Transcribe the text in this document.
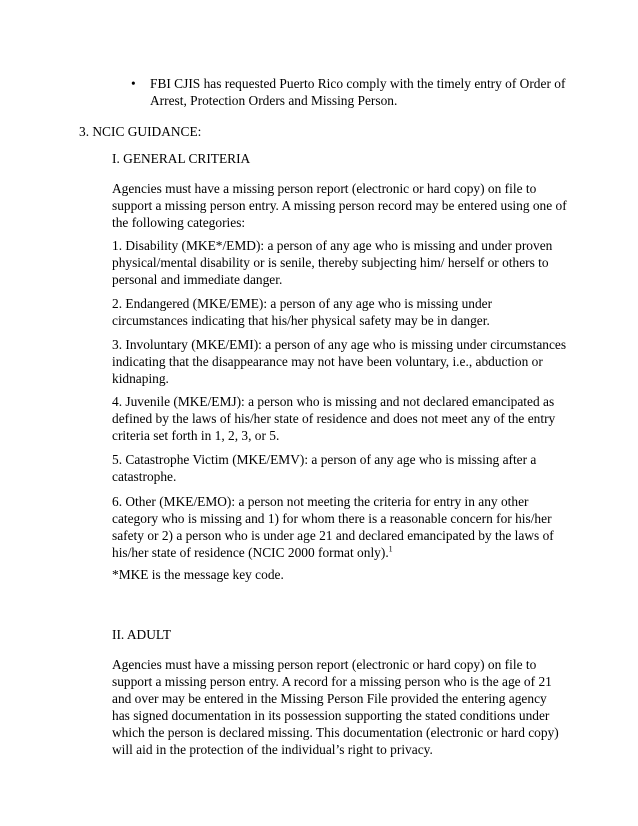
• FBI CJIS has requested Puerto Rico comply with the timely entry of Order of Arrest, Protection Orders and Missing Person.

3. NCIC GUIDANCE:

I. GENERAL CRITERIA

Agencies must have a missing person report (electronic or hard copy) on file to support a missing person entry. A missing person record may be entered using one of the following categories:

1. Disability (MKE*/EMD): a person of any age who is missing and under proven physical/mental disability or is senile, thereby subjecting him/ herself or others to personal and immediate danger.

2. Endangered (MKE/EME): a person of any age who is missing under circumstances indicating that his/her physical safety may be in danger.

3. Involuntary (MKE/EMI): a person of any age who is missing under circumstances indicating that the disappearance may not have been voluntary, i.e., abduction or kidnaping.

4. Juvenile (MKE/EMJ): a person who is missing and not declared emancipated as defined by the laws of his/her state of residence and does not meet any of the entry criteria set forth in 1, 2, 3, or 5.

5. Catastrophe Victim (MKE/EMV): a person of any age who is missing after a catastrophe.

6. Other (MKE/EMO): a person not meeting the criteria for entry in any other category who is missing and 1) for whom there is a reasonable concern for his/her safety or 2) a person who is under age 21 and declared emancipated by the laws of his/her state of residence (NCIC 2000 format only).$^1$

*MKE is the message key code.

II. ADULT

Agencies must have a missing person report (electronic or hard copy) on file to support a missing person entry. A record for a missing person who is the age of 21 and over may be entered in the Missing Person File provided the entering agency has signed documentation in its possession supporting the stated conditions under which the person is declared missing. This documentation (electronic or hard copy) will aid in the protection of the individual’s right to privacy.
